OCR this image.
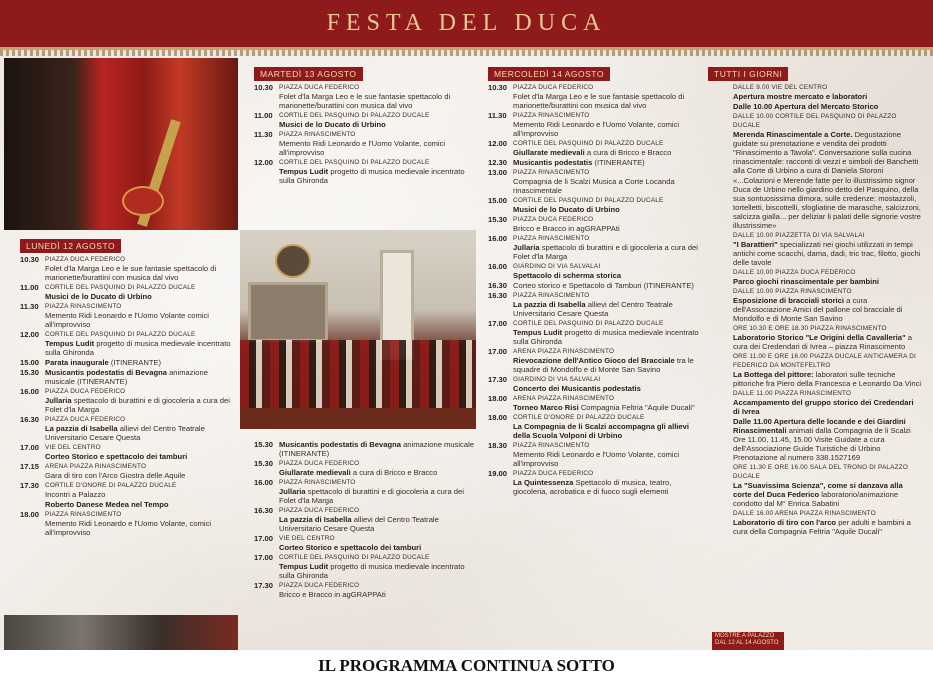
FESTA DEL DUCA
LUNEDÌ 12 AGOSTO
10.30 PIAZZA DUCA FEDERICO
Folet d'la Marga Leo e le sue fantasie spettacolo di marionette/burattini con musica dal vivo
11.00	CORTILE DEL PASQUINO DI PALAZZO DUCALE
Musici de lo Ducato di Urbino
11.30	PIAZZA RINASCIMENTO
Memento Ridi Leonardo e l'Uomo Volante comici all'improvviso
12.00 CORTILE DEL PASQUINO DI PALAZZO DUCALE
Tempus Ludit progetto di musica medievale incentrato sulla Ghironda
15.00 Parata inaugurale (ITINERANTE)
15.30 Musicantis podestatis di Bevagna animazione musicale (ITINERANTE)
16.00 PIAZZA DUCA FEDERICO
Jullaria spettacolo di burattini e di giocoleria a cura dei Folet d'la Marga
16.30 PIAZZA DUCA FEDERICO
La pazzia di Isabella allievi del Centro Teatrale Universitario Cesare Questa
17.00 VIE DEL CENTRO
Corteo Storico e spettacolo dei tamburi
17.15 ARENA PIAZZA RINASCIMENTO
Gara di tiro con l'Arco Giostra delle Aquile
17.30 CORTILE D'ONORE DI PALAZZO DUCALE
Incontri a Palazzo
Roberto Danese Medea nel Tempo
18.00 PIAZZA RINASCIMENTO
Memento Ridi Leonardo e l'Uomo Volante, comici all'improvviso
MARTEDÌ 13 AGOSTO
10.30 PIAZZA DUCA FEDERICO
Folet d'la Marga Leo e le sue fantasie spettacolo di marionette/burattini con musica dal vivo
11.00	CORTILE DEL PASQUINO DI PALAZZO DUCALE
Musici de lo Ducato di Urbino
11.30	PIAZZA RINASCIMENTO
Memento Ridi Leonardo e l'Uomo Volante, comici all'improvviso
12.00 CORTILE DEL PASQUINO DI PALAZZO DUCALE
Tempus Ludit progetto di musica medievale incentrato sulla Ghironda
15.30 Musicantis podestatis di Bevagna animazione musicale (ITINERANTE)
15.30 PIAZZA DUCA FEDERICO
Giullarate medievali a cura di Bricco e Bracco
16.00 PIAZZA RINASCIMENTO
Jullaria spettacolo di burattini e di giocoleria a cura dei Folet d'la Marga
16.30 PIAZZA DUCA FEDERICO
La pazzia di Isabella allievi del Centro Teatrale Universitario Cesare Questa
17.00 VIE DEL CENTRO
Corteo Storico e spettacolo dei tamburi
17.00 CORTILE DEL PASQUINO DI PALAZZO DUCALE
Tempus Ludit progetto di musica medievale incentrato sulla Ghironda
17.30 PIAZZA DUCA FEDERICO
Bricco e Bracco in agGRAPPAti
MERCOLEDÌ 14 AGOSTO
10.30 PIAZZA DUCA FEDERICO
Folet d'la Marga Leo e le sue fantasie spettacolo di marionette/burattini con musica dal vivo
11.30	PIAZZA RINASCIMENTO
Memento Ridi Leonardo e l'Uomo Volante, comici all'improvviso
12.00 CORTILE DEL PASQUINO DI PALAZZO DUCALE
Giullarate medievali a cura di Bricco e Bracco
12.30 Musicantis podestatis (ITINERANTE)
13.00 PIAZZA RINASCIMENTO
Compagnia de li Scalzi Musica a Corte Locanda rinascimentale
15.00 CORTILE DEL PASQUINO DI PALAZZO DUCALE
Musici de lo Ducato di Urbino
15.30 PIAZZA DUCA FEDERICO
Bricco e Bracco in agGRAPPAti
16.00 PIAZZA RINASCIMENTO
Jullaria spettacolo di burattini e di giocoleria a cura dei Folet d'la Marga
16.00 GIARDINO DI VIA SALVALAI
Spettacolo di scherma storica
16.30 Corteo storico e Spettacolo di Tamburi (ITINERANTE)
16.30 PIAZZA RINASCIMENTO
La pazzia di Isabella allievi del Centro Teatrale Universitario Cesare Questa
17.00 CORTILE DEL PASQUINO DI PALAZZO DUCALE
Tempus Ludit progetto di musica medievale incentrato sulla Ghironda
17.00 ARENA PIAZZA RINASCIMENTO
Rievocazione dell'Antico Gioco del Bracciale tra le squadre di Mondolfo e di Monte San Savino
17.30 GIARDINO DI VIA SALVALAI
Concerto dei Musicantis podestatis
18.00 ARENA PIAZZA RINASCIMENTO
Torneo Marco Risi Compagnia Feltria "Aquile Ducali"
18.00 CORTILE D'ONORE DI PALAZZO DUCALE
La Compagnia de li Scalzi accompagna gli allievi della Scuola Volponi di Urbino
18.30 PIAZZA RINASCIMENTO
Memento Ridi Leonardo e l'Uomo Volante, comici all'improvviso
19.00 PIAZZA DUCA FEDERICO
La Quintessenza Spettacolo di musica, teatro, giocoleria, acrobatica e di fuoco sugli elementi
TUTTI I GIORNI
DALLE 9.00 VIE DEL CENTRO
Apertura mostre mercato e laboratori
Dalle 10.00 Apertura del Mercato Storico
DALLE 10.00 CORTILE DEL PASQUINO DI PALAZZO DUCALE
Merenda Rinascimentale a Corte. Degustazione guidate su prenotazione e vendita dei prodotti "Rinascimento a Tavola". Conversazione sulla cucina rinascimentale: racconti di vezzi e simboli dei Banchetti alla Corte di Urbino a cura di Daniela Storoni
«...Colazioni e Merende fatte per lo illustrissimo signor Duca de Urbino nello giardino detto del Pasquino, della sua sontuosissima dimora, sulle credenze: mostazzoli, tortelletti, biscottelli, sfogliatine de marasche, salcizzoni, salcizza gialla... per deliziar li palati delle signorie vostre illustrissime»
DALLE 10.00 PIAZZETTA DI VIA SALVALAI
"I Barattieri" specializzati nei giochi utilizzati in tempi antichi come scacchi, dama, dadi, tric trac, filotto, giochi delle tavole
DALLE 10.00 PIAZZA DUCA FEDERICO
Parco giochi rinascimentale per bambini
DALLE 10.00 PIAZZA RINASCIMENTO
Esposizione di bracciali storici a cura dell'Associazione Amici del pallone col bracciale di Mondolfo e di Monte San Savino
ORE 10.30 E ORE 18.30 PIAZZA RINASCIMENTO
Laboratorio Storico "Le Origini della Cavalleria" a cura dei Credendari di Ivrea – piazza Rinascimento
ORE 11.00 E ORE 16.00 PIAZZA DUCALE ANTICAMERA DI FEDERICO DA MONTEFELTRO
La Bottega del pittore: laboratori sulle tecniche pittoriche fra Piero della Francesca e Leonardo Da Vinci
DALLE 11.00 PIAZZA RINASCIMENTO
Accampamento del gruppo storico dei Credendari di Ivrea
Dalle 11.00 Apertura delle locande e dei Giardini Rinascimentali animati dalla Compagnia de li Scalzi Ore 11.00, 11.45, 15.00 Visite Guidate a cura dell'Associazione Guide Turistiche di Urbino Prenotazione al numero 338.1527169
ORE 11.30 E ORE 16.00 SALA DEL TRONO DI PALAZZO DUCALE
La "Suavissima Scienza", come si danzava alla corte del Duca Federico laboratorio/animazione condotto dal M° Enrica Sabatini
DALLE 16.00 ARENA PIAZZA RINASCIMENTO
Laboratorio di tiro con l'arco per adulti e bambini a cura della Compagnia Feltria "Aquile Ducali"
MOSTRE A PALAZZO DAL 12 AL 14 AGOSTO
IL PROGRAMMA CONTINUA SOTTO
